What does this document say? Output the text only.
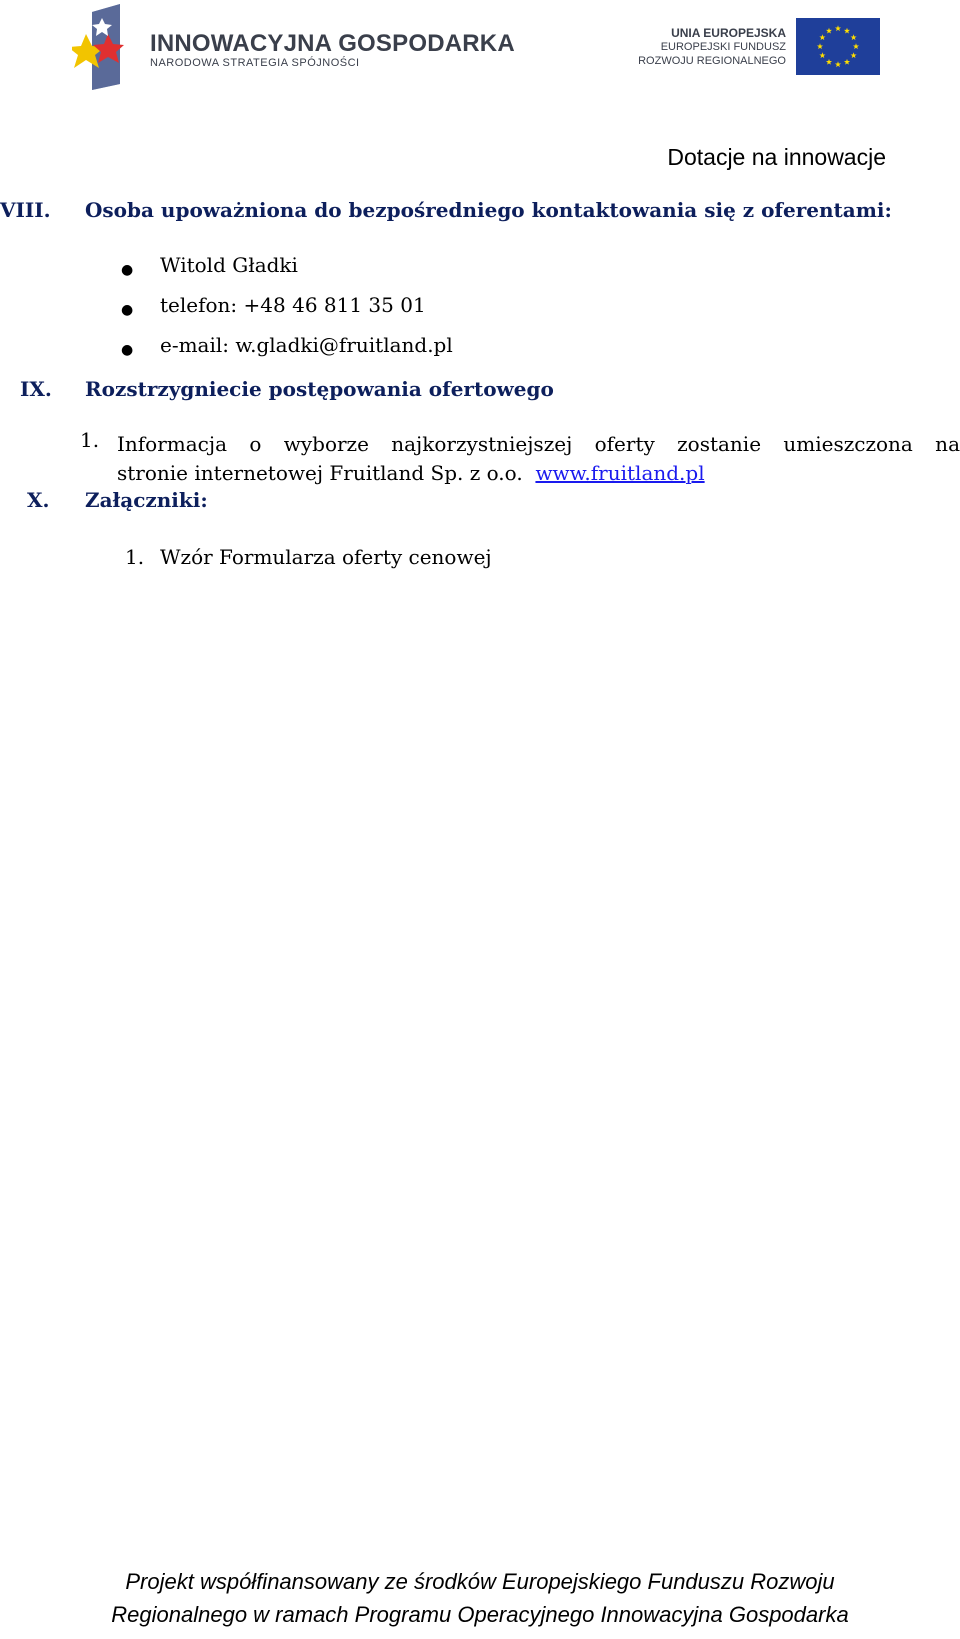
INNOWACYJNA GOSPODARKA
NARODOWA STRATEGIA SPÓJNOŚCI
UNIA EUROPEJSKA
EUROPEJSKI FUNDUSZ
ROZWOJU REGIONALNEGO
Dotacje na innowacje
VIII. Osoba upoważniona do bezpośredniego kontaktowania się z oferentami:
● Witold Gładki
● telefon: +48 46 811 35 01
● e-mail: w.gladki@fruitland.pl
IX. Rozstrzygniecie postępowania ofertowego
1. Informacja o wyborze najkorzystniejszej oferty zostanie umieszczona na
stronie internetowej Fruitland Sp. z o.o. www.fruitland.pl
X. Załączniki:
1. Wzór Formularza oferty cenowej
Projekt współfinansowany ze środków Europejskiego Funduszu Rozwoju
Regionalnego w ramach Programu Operacyjnego Innowacyjna Gospodarka
